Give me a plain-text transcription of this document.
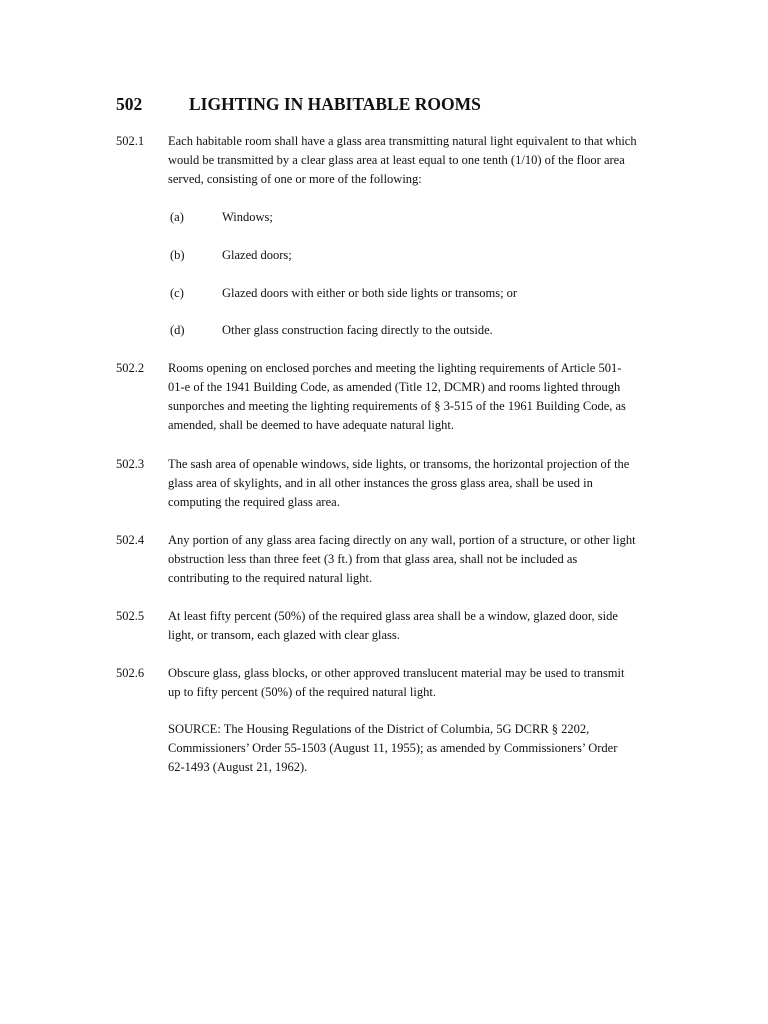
502	LIGHTING IN HABITABLE ROOMS
502.1 Each habitable room shall have a glass area transmitting natural light equivalent to that which
would be transmitted by a clear glass area at least equal to one tenth (1/10) of the floor area
served, consisting of one or more of the following:
(a)	Windows;
(b)	Glazed doors;
(c)	Glazed doors with either or both side lights or transoms; or
(d)	Other glass construction facing directly to the outside.
502.2 Rooms opening on enclosed porches and meeting the lighting requirements of Article 501-
01-e of the 1941 Building Code, as amended (Title 12, DCMR) and rooms lighted through
sunporches and meeting the lighting requirements of § 3-515 of the 1961 Building Code, as
amended, shall be deemed to have adequate natural light.
502.3 The sash area of openable windows, side lights, or transoms, the horizontal projection of the
glass area of skylights, and in all other instances the gross glass area, shall be used in
computing the required glass area.
502.4 Any portion of any glass area facing directly on any wall, portion of a structure, or other light
obstruction less than three feet (3 ft.) from that glass area, shall not be included as
contributing to the required natural light.
502.5 At least fifty percent (50%) of the required glass area shall be a window, glazed door, side
light, or transom, each glazed with clear glass.
502.6 Obscure glass, glass blocks, or other approved translucent material may be used to transmit
up to fifty percent (50%) of the required natural light.
SOURCE: The Housing Regulations of the District of Columbia, 5G DCRR § 2202,
Commissioners’ Order 55-1503 (August 11, 1955); as amended by Commissioners’ Order
62-1493 (August 21, 1962).
